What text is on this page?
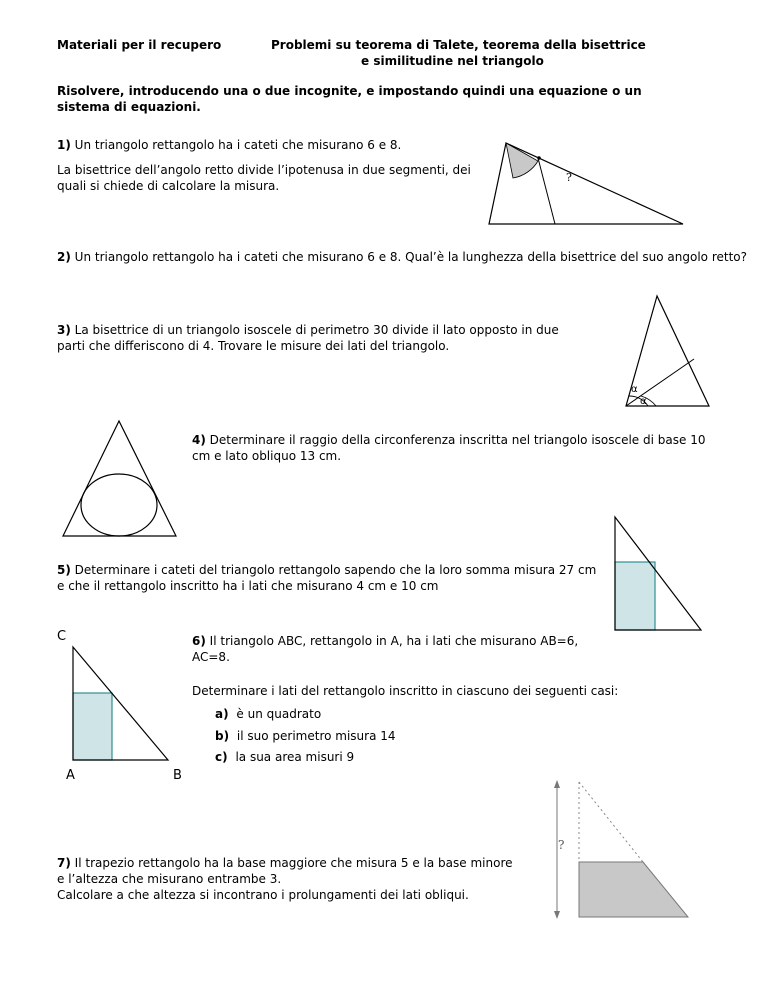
Materiali per il recupero	Problemi su teorema di Talete, teorema della bisettrice
e similitudine nel triangolo
Risolvere, introducendo una o due incognite, e impostando quindi una equazione o un sistema di equazioni.
1) Un triangolo rettangolo ha i cateti che misurano 6 e 8.
La bisettrice dell’angolo retto divide l’ipotenusa in due segmenti, dei quali si chiede di calcolare la misura.
?
2) Un triangolo rettangolo ha i cateti che misurano 6 e 8. Qual’è la lunghezza della bisettrice del suo angolo retto?
3) La bisettrice di un triangolo isoscele di perimetro 30 divide il lato opposto in due parti che differiscono di 4. Trovare le misure dei lati del triangolo.
α
α
4) Determinare il raggio della circonferenza inscritta nel triangolo isoscele di base 10 cm e lato obliquo 13 cm.
5) Determinare i cateti del triangolo rettangolo sapendo che la loro somma misura 27 cm e che il rettangolo inscritto ha i lati che misurano 4 cm e 10 cm
C	6) Il triangolo ABC, rettangolo in A, ha i lati che misurano AB=6, AC=8.
Determinare i lati del rettangolo inscritto in ciascuno dei seguenti casi:
a) è un quadrato
b) il suo perimetro misura 14
c) la sua area misuri 9
A	B
7) Il trapezio rettangolo ha la base maggiore che misura 5 e la base minore e l’altezza che misurano entrambe 3.
Calcolare a che altezza si incontrano i prolungamenti dei lati obliqui.
?
